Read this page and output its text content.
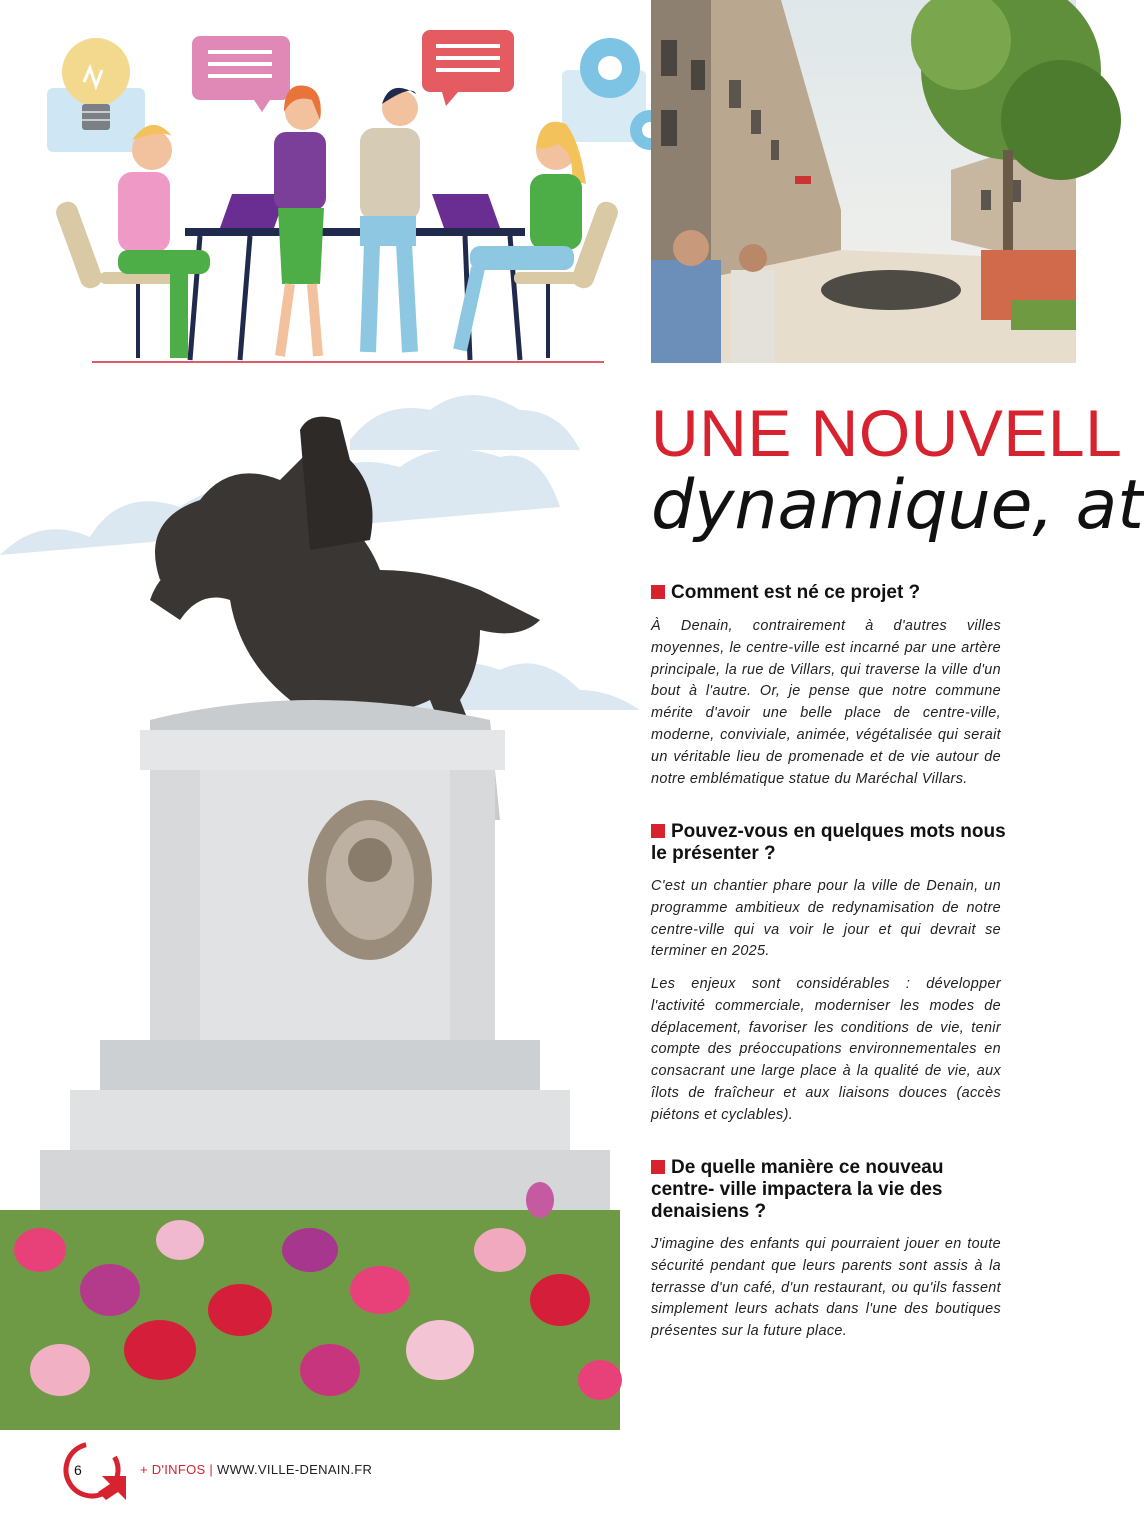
UNE NOUVELL
dynamique, at
Comment est né ce projet ?
À Denain, contrairement à d'autres villes moyennes, le centre-ville est incarné par une artère principale, la rue de Villars, qui traverse la ville d'un bout à l'autre. Or, je pense que notre commune mérite d'avoir une belle place de centre-ville, moderne, conviviale, animée, végétalisée qui serait un véritable lieu de promenade et de vie autour de notre emblématique statue du Maréchal Villars.
Pouvez-vous en quelques mots nous le présenter ?
C'est un chantier phare pour la ville de Denain, un programme ambitieux de redynamisation de notre centre-ville qui va voir le jour et qui devrait se terminer en 2025.
Les enjeux sont considérables : développer l'activité commerciale, moderniser les modes de déplacement, favoriser les conditions de vie, tenir compte des préoccupations environnementales en consacrant une large place à la qualité de vie, aux îlots de fraîcheur et aux liaisons douces (accès piétons et cyclables).
De quelle manière ce nouveau centre- ville impactera la vie des denaisiens ?
J'imagine des enfants qui pourraient jouer en toute sécurité pendant que leurs parents sont assis à la terrasse d'un café, d'un restaurant, ou qu'ils fassent simplement leurs achats dans l'une des boutiques présentes sur la future place.
6	+ D'INFOS | WWW.VILLE-DENAIN.FR
